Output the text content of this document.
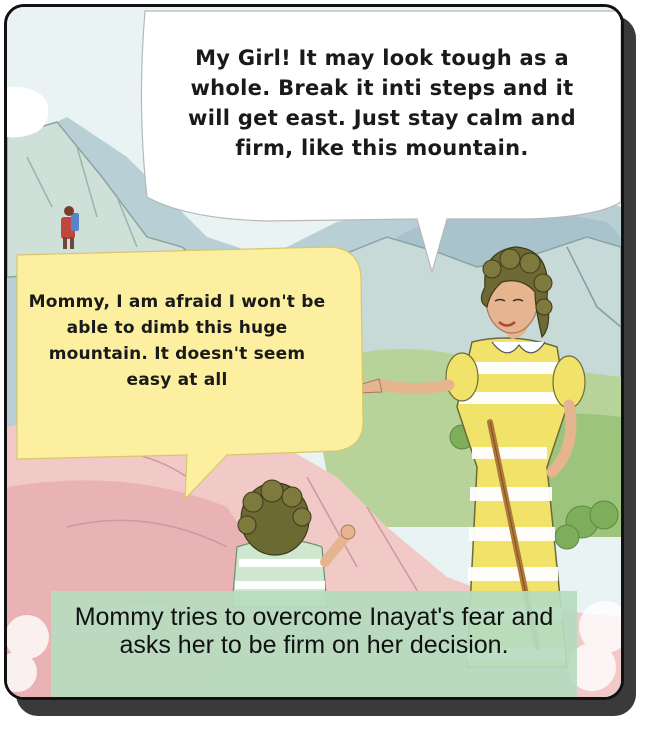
My Girl! It may look tough as a whole. Break it inti steps and it will get east. Just stay calm and firm, like this mountain.
Mommy, I am afraid I won't be able to dimb this huge mountain. It doesn't seem easy at all
Mommy tries to overcome Inayat's fear and asks her to be firm on her decision.
